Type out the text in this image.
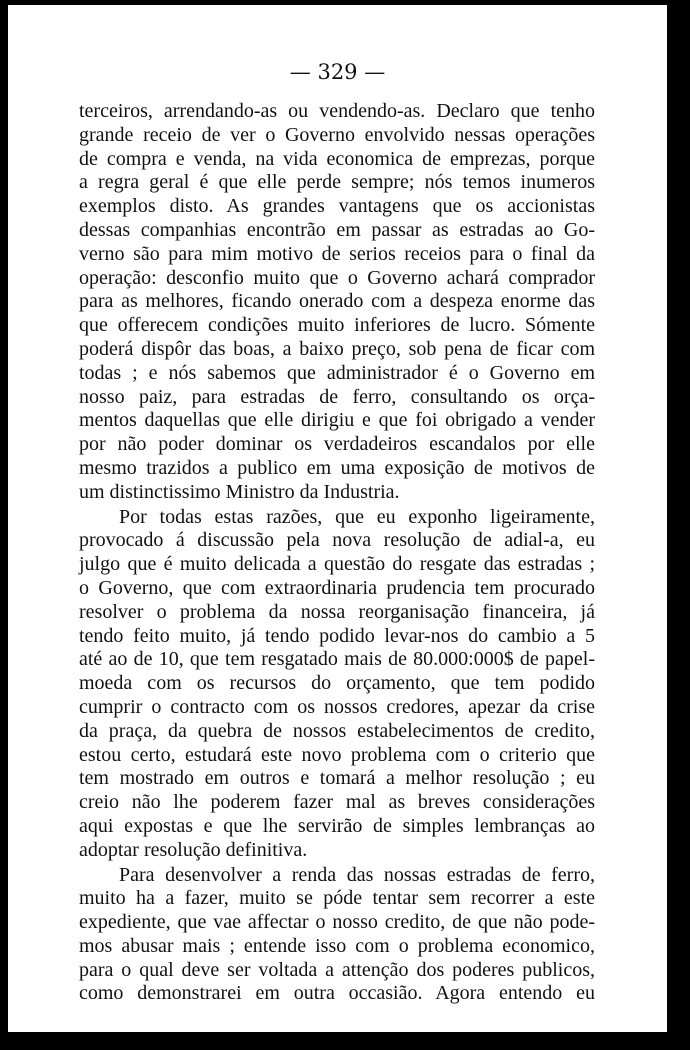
— 329 —

terceiros, arrendando-as ou vendendo-as. Declaro que tenho
grande receio de ver o Governo envolvido nessas operações
de compra e venda, na vida economica de emprezas, porque
a regra geral é que elle perde sempre; nós temos inumeros
exemplos disto. As grandes vantagens que os accionistas
dessas companhias encontrão em passar as estradas ao Go-
verno são para mim motivo de serios receios para o final da
operação: desconfio muito que o Governo achará comprador
para as melhores, ficando onerado com a despeza enorme das
que offerecem condições muito inferiores de lucro. Sómente
poderá dispôr das boas, a baixo preço, sob pena de ficar com
todas ; e nós sabemos que administrador é o Governo em
nosso paiz, para estradas de ferro, consultando os orça-
mentos daquellas que elle dirigiu e que foi obrigado a vender
por não poder dominar os verdadeiros escandalos por elle
mesmo trazidos a publico em uma exposição de motivos de
um distinctissimo Ministro da Industria.

Por todas estas razões, que eu exponho ligeiramente,
provocado á discussão pela nova resolução de adial-a, eu
julgo que é muito delicada a questão do resgate das estradas ;
o Governo, que com extraordinaria prudencia tem procurado
resolver o problema da nossa reorganisação financeira, já
tendo feito muito, já tendo podido levar-nos do cambio a 5
até ao de 10, que tem resgatado mais de 80.000:000$ de papel-
moeda com os recursos do orçamento, que tem podido
cumprir o contracto com os nossos credores, apezar da crise
da praça, da quebra de nossos estabelecimentos de credito,
estou certo, estudará este novo problema com o criterio que
tem mostrado em outros e tomará a melhor resolução ; eu
creio não lhe poderem fazer mal as breves considerações
aqui expostas e que lhe servirão de simples lembranças ao
adoptar resolução definitiva.

Para desenvolver a renda das nossas estradas de ferro,
muito ha a fazer, muito se póde tentar sem recorrer a este
expediente, que vae affectar o nosso credito, de que não pode-
mos abusar mais ; entende isso com o problema economico,
para o qual deve ser voltada a attenção dos poderes publicos,
como demonstrarei em outra occasião. Agora entendo eu
